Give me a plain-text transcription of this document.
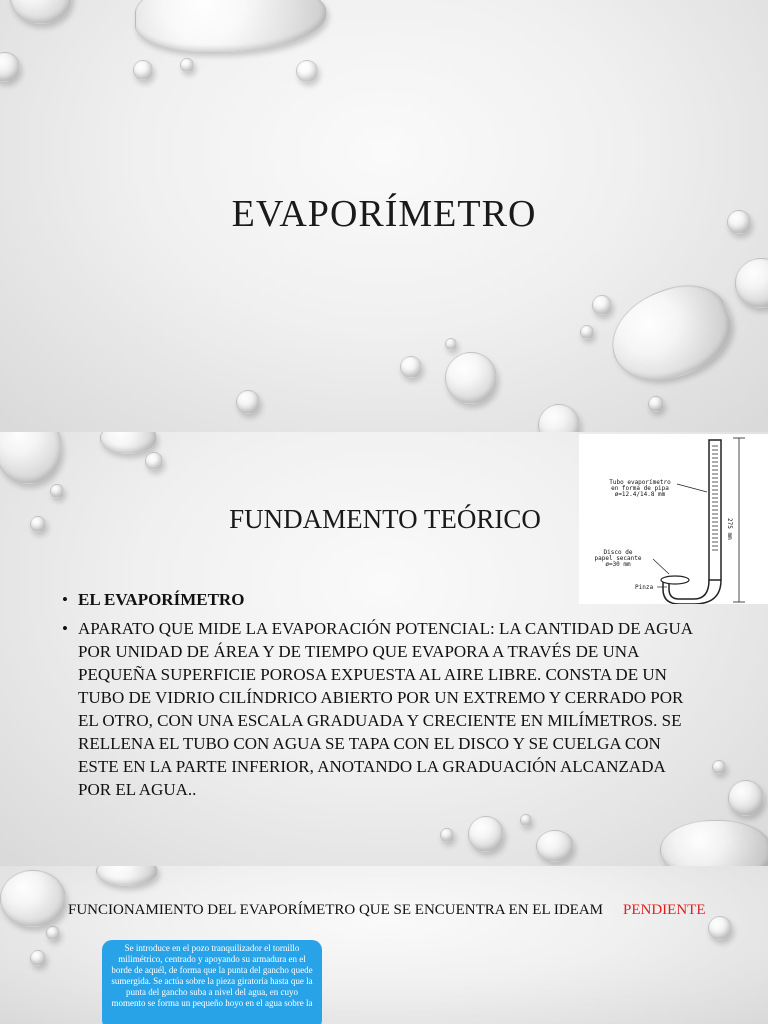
EVAPORÍMETRO
FUNDAMENTO TEÓRICO
Tubo evaporímetro
en forma de pipa
ø=12.4/14.8 mm
Disco de
papel secante
ø=30 mm
Pinza
275 mm
• EL EVAPORÍMETRO
• APARATO QUE MIDE LA EVAPORACIÓN POTENCIAL: LA CANTIDAD DE AGUA POR UNIDAD DE ÁREA Y DE TIEMPO QUE EVAPORA A TRAVÉS DE UNA PEQUEÑA SUPERFICIE POROSA EXPUESTA AL AIRE LIBRE. CONSTA DE UN TUBO DE VIDRIO CILÍNDRICO ABIERTO POR UN EXTREMO Y CERRADO POR EL OTRO, CON UNA ESCALA GRADUADA Y CRECIENTE EN MILÍMETROS. SE RELLENA EL TUBO CON AGUA SE TAPA CON EL DISCO Y SE CUELGA CON ESTE EN LA PARTE INFERIOR, ANOTANDO LA GRADUACIÓN ALCANZADA POR EL AGUA..
FUNCIONAMIENTO DEL EVAPORÍMETRO QUE SE ENCUENTRA EN EL IDEAM PENDIENTE
Se introduce en el pozo tranquilizador el tornillo milimétrico, centrado y apoyando su armadura en el borde de aquél, de forma que la punta del gancho quede sumergida. Se actúa sobre la pieza giratoria hasta que la punta del gancho suba a nivel del agua, en cuyo momento se forma un pequeño hoyo en el agua sobre la
